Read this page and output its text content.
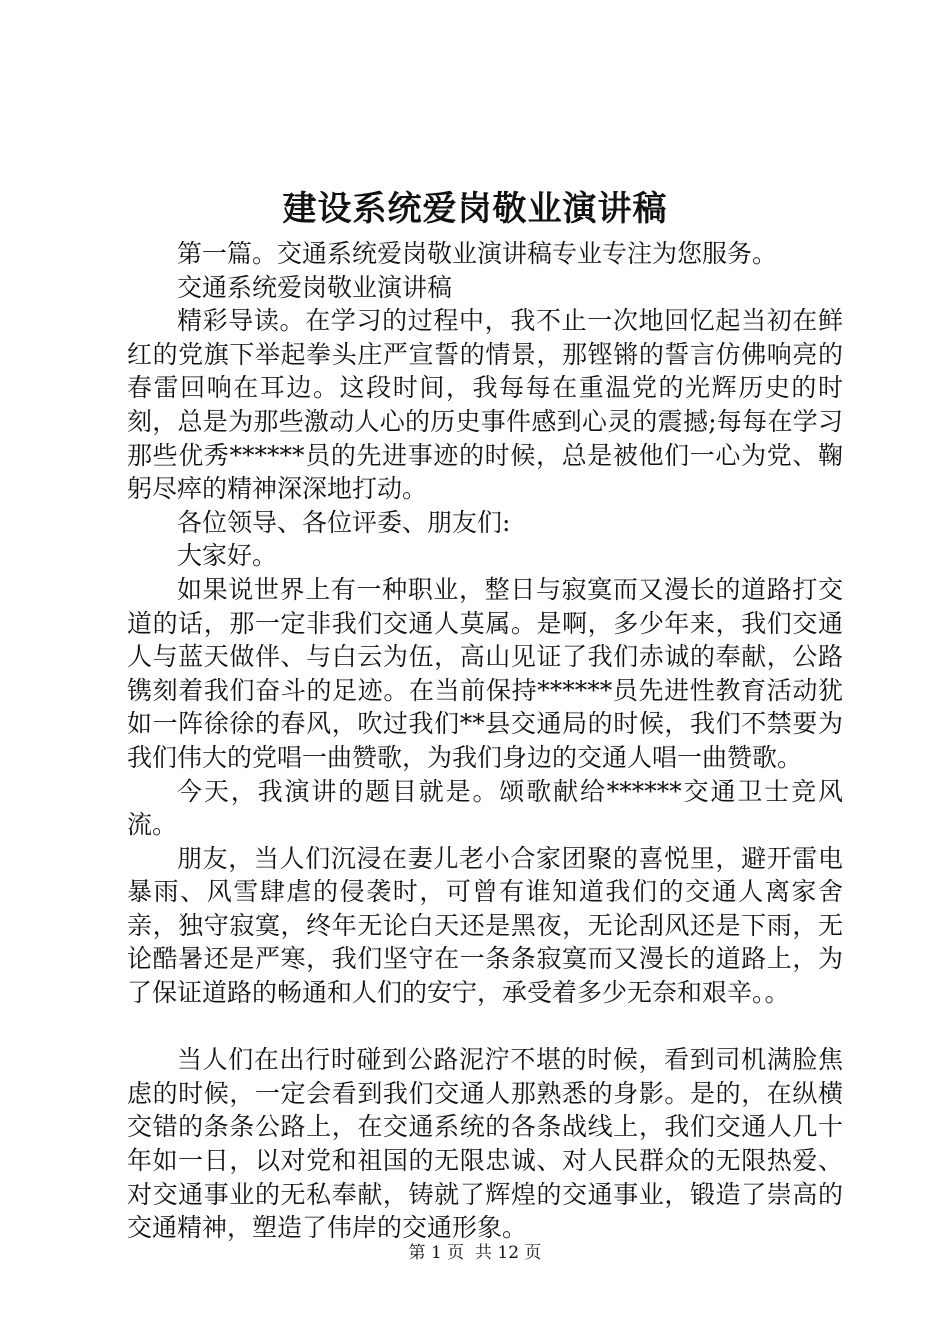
建设系统爱岗敬业演讲稿

第一篇。交通系统爱岗敬业演讲稿专业专注为您服务。

交通系统爱岗敬业演讲稿

精彩导读。在学习的过程中，我不止一次地回忆起当初在鲜红的党旗下举起拳头庄严宣誓的情景，那铿锵的誓言仿佛响亮的春雷回响在耳边。这段时间，我每每在重温党的光辉历史的时刻，总是为那些激动人心的历史事件感到心灵的震撼;每每在学习那些优秀******员的先进事迹的时候，总是被他们一心为党、鞠躬尽瘁的精神深深地打动。

各位领导、各位评委、朋友们:

大家好。

如果说世界上有一种职业，整日与寂寞而又漫长的道路打交道的话，那一定非我们交通人莫属。是啊，多少年来，我们交通人与蓝天做伴、与白云为伍，高山见证了我们赤诚的奉献，公路镌刻着我们奋斗的足迹。在当前保持******员先进性教育活动犹如一阵徐徐的春风，吹过我们**县交通局的时候，我们不禁要为我们伟大的党唱一曲赞歌，为我们身边的交通人唱一曲赞歌。

今天，我演讲的题目就是。颂歌献给******交通卫士竞风流。

朋友，当人们沉浸在妻儿老小合家团聚的喜悦里，避开雷电暴雨、风雪肆虐的侵袭时，可曾有谁知道我们的交通人离家舍亲，独守寂寞，终年无论白天还是黑夜，无论刮风还是下雨，无论酷暑还是严寒，我们坚守在一条条寂寞而又漫长的道路上，为了保证道路的畅通和人们的安宁，承受着多少无奈和艰辛。。

当人们在出行时碰到公路泥泞不堪的时候，看到司机满脸焦虑的时候，一定会看到我们交通人那熟悉的身影。是的，在纵横交错的条条公路上，在交通系统的各条战线上，我们交通人几十年如一日，以对党和祖国的无限忠诚、对人民群众的无限热爱、对交通事业的无私奉献，铸就了辉煌的交通事业，锻造了崇高的交通精神，塑造了伟岸的交通形象。

第 1 页 共 12 页
